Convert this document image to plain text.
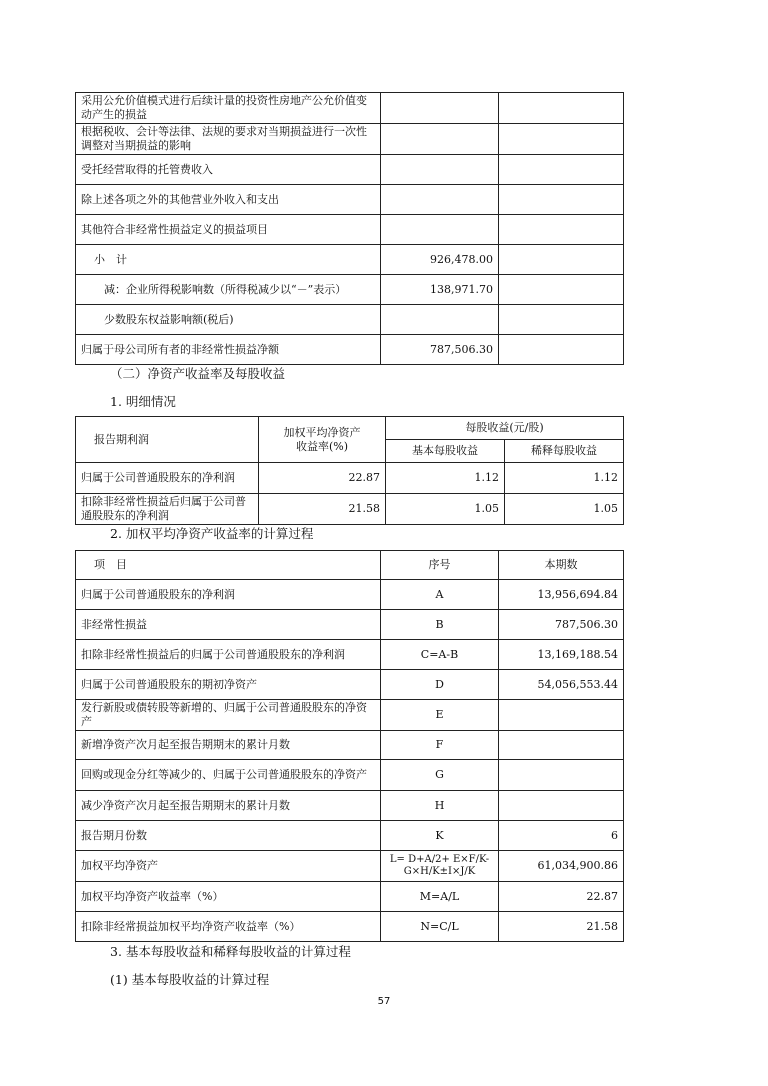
采用公允价值模式进行后续计量的投资性房地产公允价值变动产生的损益		
根据税收、会计等法律、法规的要求对当期损益进行一次性调整对当期损益的影响		
受托经营取得的托管费收入		
除上述各项之外的其他营业外收入和支出		
其他符合非经常性损益定义的损益项目		
小　计	926,478.00	
减：企业所得税影响数（所得税减少以“－”表示）	138,971.70	
少数股东权益影响额(税后)		
归属于母公司所有者的非经常性损益净额	787,506.30	
（二）净资产收益率及每股收益
1. 明细情况
报告期利润	加权平均净资产收益率(%)	每股收益(元/股)	
		基本每股收益	稀释每股收益
归属于公司普通股股东的净利润	22.87	1.12	1.12
扣除非经常性损益后归属于公司普通股股东的净利润	21.58	1.05	1.05
2. 加权平均净资产收益率的计算过程
项　目	序号	本期数
归属于公司普通股股东的净利润	A	13,956,694.84
非经常性损益	B	787,506.30
扣除非经常性损益后的归属于公司普通股股东的净利润	C=A-B	13,169,188.54
归属于公司普通股股东的期初净资产	D	54,056,553.44
发行新股或债转股等新增的、归属于公司普通股股东的净资产	E	
新增净资产次月起至报告期期末的累计月数	F	
回购或现金分红等减少的、归属于公司普通股股东的净资产	G	
减少净资产次月起至报告期期末的累计月数	H	
报告期月份数	K	6
加权平均净资产	L= D+A/2+ E×F/K-G×H/K±I×J/K	61,034,900.86
加权平均净资产收益率（%）	M=A/L	22.87
扣除非经常损益加权平均净资产收益率（%）	N=C/L	21.58
3. 基本每股收益和稀释每股收益的计算过程
(1) 基本每股收益的计算过程
57
